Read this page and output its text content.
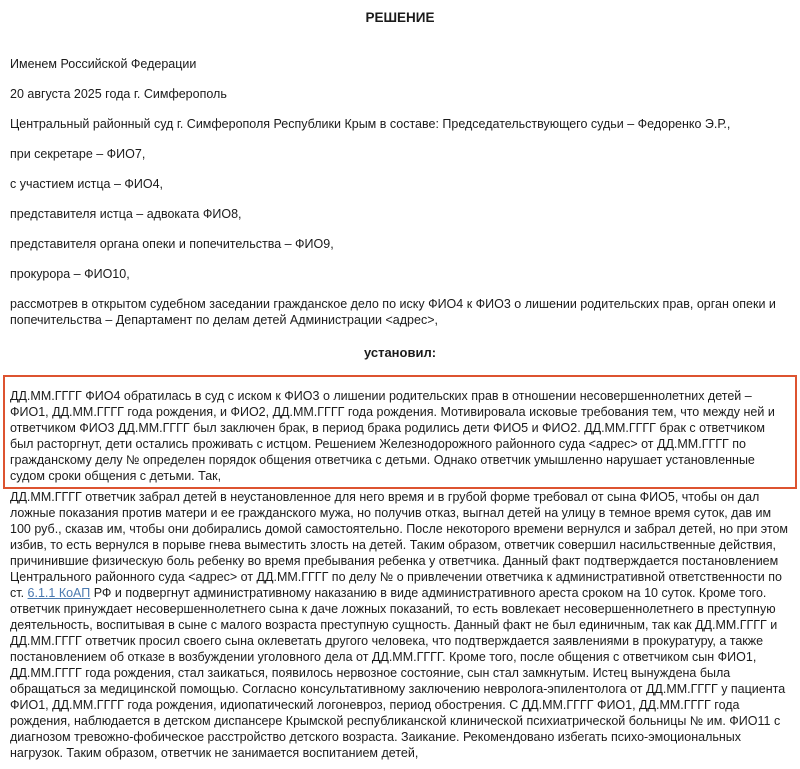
РЕШЕНИЕ

Именем Российской Федерации

20 августа 2025 года г. Симферополь

Центральный районный суд г. Симферополя Республики Крым в составе: Председательствующего судьи – Федоренко Э.Р.,

при секретаре – ФИО7,

с участием истца – ФИО4,

представителя истца – адвоката ФИО8,

представителя органа опеки и попечительства – ФИО9,

прокурора – ФИО10,

рассмотрев в открытом судебном заседании гражданское дело по иску ФИО4 к ФИО3 о лишении родительских прав, орган опеки и попечительства – Департамент по делам детей Администрации <адрес>,

установил:

ДД.ММ.ГГГГ ФИО4 обратилась в суд с иском к ФИО3 о лишении родительских прав в отношении несовершеннолетних детей – ФИО1, ДД.ММ.ГГГГ года рождения, и ФИО2, ДД.ММ.ГГГГ года рождения. Мотивировала исковые требования тем, что между ней и ответчиком ФИО3 ДД.ММ.ГГГГ был заключен брак, в период брака родились дети ФИО5 и ФИО2. ДД.ММ.ГГГГ брак с ответчиком был расторгнут, дети остались проживать с истцом. Решением Железнодорожного районного суда <адрес> от ДД.ММ.ГГГГ по гражданскому делу № определен порядок общения ответчика с детьми. Однако ответчик умышленно нарушает установленные судом сроки общения с детьми. Так,

ДД.ММ.ГГГГ ответчик забрал детей в неустановленное для него время и в грубой форме требовал от сына ФИО5, чтобы он дал ложные показания против матери и ее гражданского мужа, но получив отказ, выгнал детей на улицу в темное время суток, дав им 100 руб., сказав им, чтобы они добирались домой самостоятельно. После некоторого времени вернулся и забрал детей, но при этом избив, то есть вернулся в порыве гнева выместить злость на детей. Таким образом, ответчик совершил насильственные действия, причинившие физическую боль ребенку во время пребывания ребенка у ответчика. Данный факт подтверждается постановлением Центрального районного суда <адрес> от ДД.ММ.ГГГГ по делу № о привлечении ответчика к административной ответственности по ст. 6.1.1 КоАП РФ и подвергнут административному наказанию в виде административного ареста сроком на 10 суток. Кроме того. ответчик принуждает несовершеннолетнего сына к даче ложных показаний, то есть вовлекает несовершеннолетнего в преступную деятельность, воспитывая в сыне с малого возраста преступную сущность. Данный факт не был единичным, так как ДД.ММ.ГГГГ и ДД.ММ.ГГГГ ответчик просил своего сына оклеветать другого человека, что подтверждается заявлениями в прокуратуру, а также постановлением об отказе в возбуждении уголовного дела от ДД.ММ.ГГГГ. Кроме того, после общения с ответчиком сын ФИО1, ДД.ММ.ГГГГ года рождения, стал заикаться, появилось нервозное состояние, сын стал замкнутым. Истец вынуждена была обращаться за медицинской помощью. Согласно консультативному заключению невролога-эпилентолога от ДД.ММ.ГГГГ у пациента ФИО1, ДД.ММ.ГГГГ года рождения, идиопатический логоневроз, период обострения. С ДД.ММ.ГГГГ ФИО1, ДД.ММ.ГГГГ года рождения, наблюдается в детском диспансере Крымской республиканской клинической психиатрической больницы № им. ФИО11 с диагнозом тревожно-фобическое расстройство детского возраста. Заикание. Рекомендовано избегать психо-эмоциональных нагрузок. Таким образом, ответчик не занимается воспитанием детей,
